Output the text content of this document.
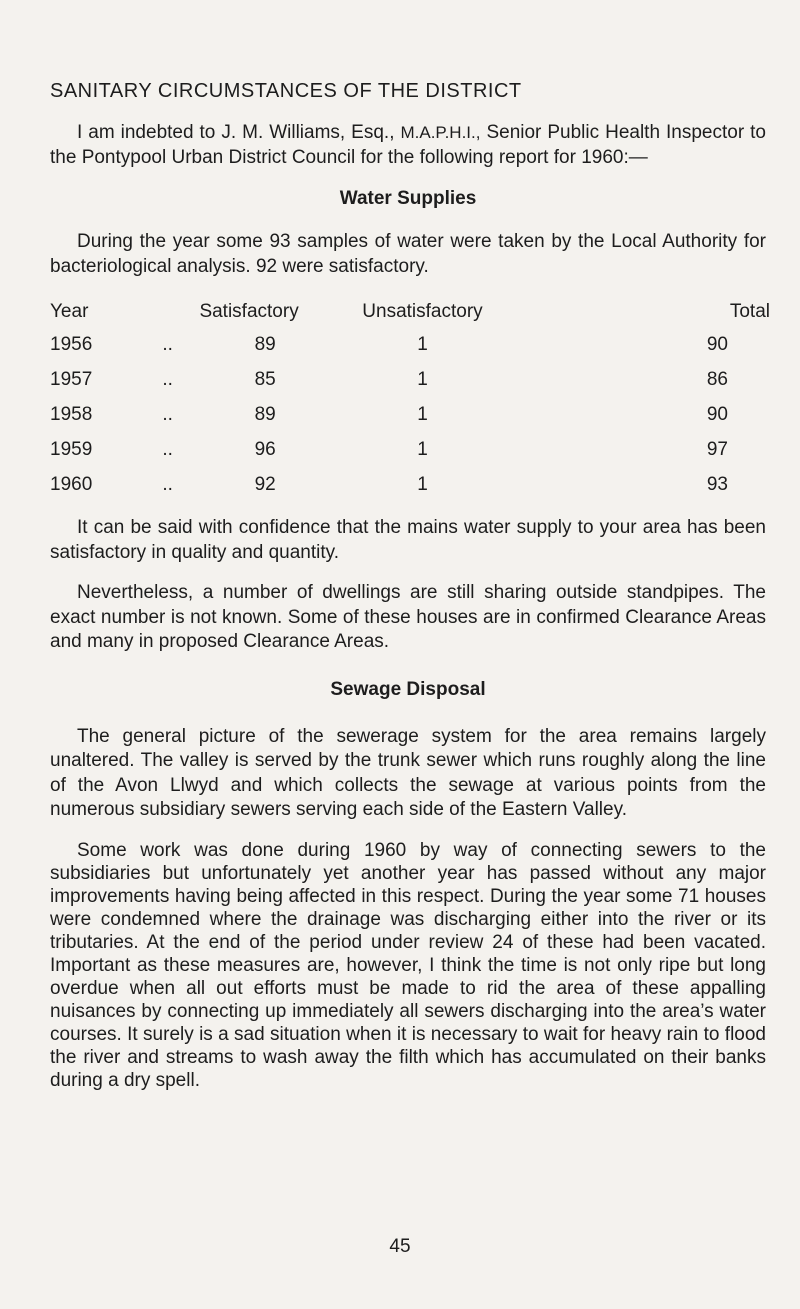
SANITARY CIRCUMSTANCES OF THE DISTRICT

I am indebted to J. M. Williams, Esq., M.A.P.H.I., Senior Public Health Inspector to the Pontypool Urban District Council for the following report for 1960:—

Water Supplies

During the year some 93 samples of water were taken by the Local Authority for bacteriological analysis. 92 were satisfactory.

Year		Satisfactory	Unsatisfactory	Total
1956	..	89	1	90
1957	..	85	1	86
1958	..	89	1	90
1959	..	96	1	97
1960	..	92	1	93

It can be said with confidence that the mains water supply to your area has been satisfactory in quality and quantity.

Nevertheless, a number of dwellings are still sharing outside standpipes. The exact number is not known. Some of these houses are in confirmed Clearance Areas and many in proposed Clearance Areas.

Sewage Disposal

The general picture of the sewerage system for the area remains largely unaltered. The valley is served by the trunk sewer which runs roughly along the line of the Avon Llwyd and which collects the sewage at various points from the numerous subsidiary sewers serving each side of the Eastern Valley.

Some work was done during 1960 by way of connecting sewers to the subsidiaries but unfortunately yet another year has passed without any major improvements having being affected in this respect. During the year some 71 houses were condemned where the drainage was discharging either into the river or its tributaries. At the end of the period under review 24 of these had been vacated. Important as these measures are, however, I think the time is not only ripe but long overdue when all out efforts must be made to rid the area of these appalling nuisances by connecting up immediately all sewers discharging into the area’s water courses. It surely is a sad situation when it is necessary to wait for heavy rain to flood the river and streams to wash away the filth which has accumulated on their banks during a dry spell.

45
